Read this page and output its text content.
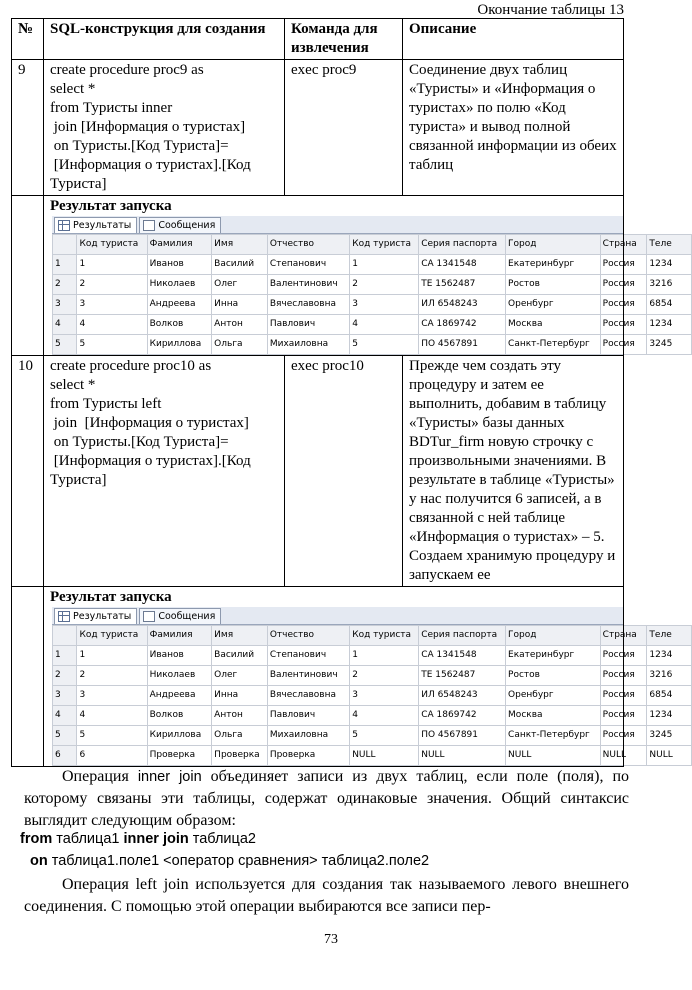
Окончание таблицы 13
№	SQL-конструкция для создания	Команда для извлечения	Описание
9	create procedure proc9 as
select *
from Туристы inner
join [Информация о туристах]
on Туристы.[Код Туриста]=
[Информация о туристах].[Код
Туриста]
	exec proc9	Соединение двух таблиц «Туристы» и «Информация о туристах» по полю «Код туриста» и вывод полной связанной информации из обеих таблиц

Результат запуска
Результаты	Сообщения
	Код туриста	Фамилия	Имя	Отчество	Код туриста	Серия паспорта	Город	Страна	Теле
1	1	Иванов	Василий	Степанович	1	СА 1341548	Екатеринбург	Россия	1234
2	2	Николаев	Олег	Валентинович	2	ТЕ 1562487	Ростов	Россия	3216
3	3	Андреева	Инна	Вячеславовна	3	ИЛ 6548243	Оренбург	Россия	6854
4	4	Волков	Антон	Павлович	4	СА 1869742	Москва	Россия	1234
5	5	Кириллова	Ольга	Михаиловна	5	ПО 4567891	Санкт-Петербург	Россия	3245

10	create procedure proc10 as
select *
from Туристы left
join  [Информация о туристах]
on Туристы.[Код Туриста]=
[Информация о туристах].[Код
Туриста]
	exec proc10	Прежде чем создать эту процедуру и затем ее выполнить, добавим в таблицу «Туристы» базы данных BDTur_firm новую строчку с произвольными значениями. В результате в таблице «Туристы» у нас получится 6 записей, а в связанной с ней таблице «Информация о туристах» – 5. Создаем хранимую процедуру и запускаем ее

Результат запуска
Результаты	Сообщения
	Код туриста	Фамилия	Имя	Отчество	Код туриста	Серия паспорта	Город	Страна	Теле
1	1	Иванов	Василий	Степанович	1	СА 1341548	Екатеринбург	Россия	1234
2	2	Николаев	Олег	Валентинович	2	ТЕ 1562487	Ростов	Россия	3216
3	3	Андреева	Инна	Вячеславовна	3	ИЛ 6548243	Оренбург	Россия	6854
4	4	Волков	Антон	Павлович	4	СА 1869742	Москва	Россия	1234
5	5	Кириллова	Ольга	Михаиловна	5	ПО 4567891	Санкт-Петербург	Россия	3245
6	6	Проверка	Проверка	Проверка	NULL	NULL	NULL	NULL	NULL
Операция inner join объединяет записи из двух таблиц, если поле (поля), по которому связаны эти таблицы, содержат одинаковые значения. Общий синтаксис выглядит следующим образом:
from таблица1 inner join таблица2
on таблица1.поле1 <оператор сравнения> таблица2.поле2
Операция left join используется для создания так называемого левого внешнего соединения. С помощью этой операции выбираются все записи пер-
73
